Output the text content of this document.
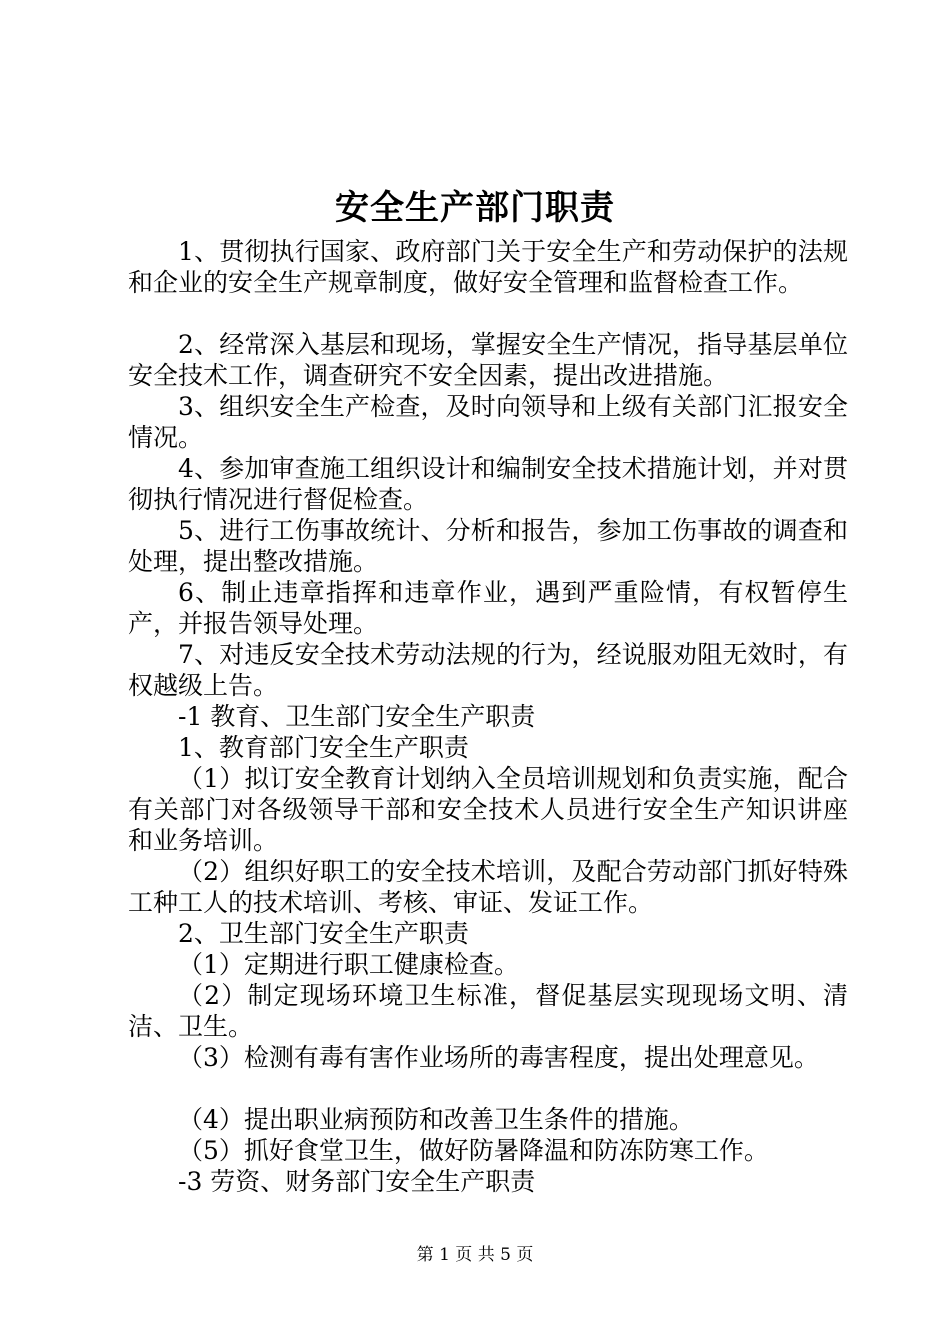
安全生产部门职责

1、贯彻执行国家、政府部门关于安全生产和劳动保护的法规和企业的安全生产规章制度，做好安全管理和监督检查工作。

2、经常深入基层和现场，掌握安全生产情况，指导基层单位安全技术工作，调查研究不安全因素，提出改进措施。

3、组织安全生产检查，及时向领导和上级有关部门汇报安全情况。

4、参加审查施工组织设计和编制安全技术措施计划，并对贯彻执行情况进行督促检查。

5、进行工伤事故统计、分析和报告，参加工伤事故的调查和处理，提出整改措施。

6、制止违章指挥和违章作业，遇到严重险情，有权暂停生产，并报告领导处理。

7、对违反安全技术劳动法规的行为，经说服劝阻无效时，有权越级上告。

-1 教育、卫生部门安全生产职责

1、教育部门安全生产职责

（1）拟订安全教育计划纳入全员培训规划和负责实施，配合有关部门对各级领导干部和安全技术人员进行安全生产知识讲座和业务培训。

（2）组织好职工的安全技术培训，及配合劳动部门抓好特殊工种工人的技术培训、考核、审证、发证工作。

2、卫生部门安全生产职责

（1）定期进行职工健康检查。

（2）制定现场环境卫生标准，督促基层实现现场文明、清洁、卫生。

（3）检测有毒有害作业场所的毒害程度，提出处理意见。

（4）提出职业病预防和改善卫生条件的措施。

（5）抓好食堂卫生，做好防暑降温和防冻防寒工作。

-3 劳资、财务部门安全生产职责

第 1 页 共 5 页
